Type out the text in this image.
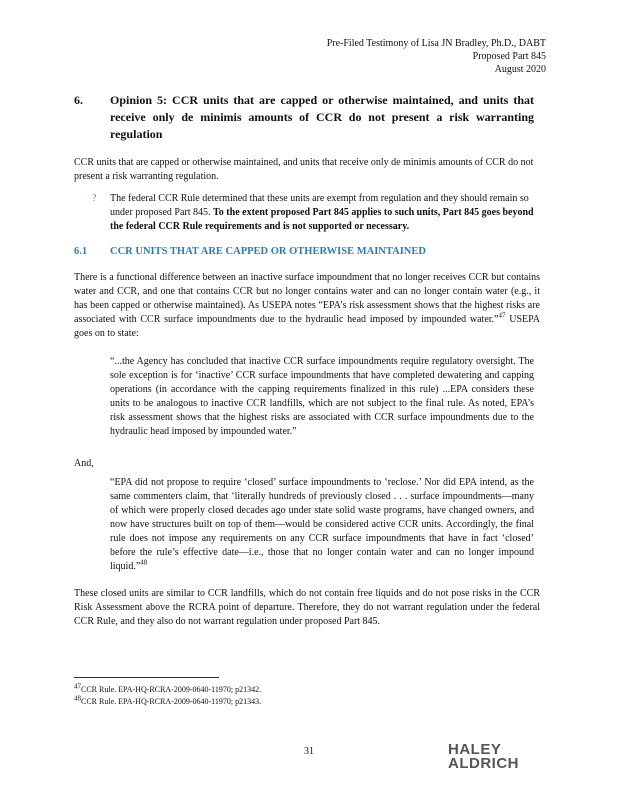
Pre-Filed Testimony of Lisa JN Bradley, Ph.D., DABT
Proposed Part 845
August 2020
6. Opinion 5: CCR units that are capped or otherwise maintained, and units that receive only de minimis amounts of CCR do not present a risk warranting regulation
CCR units that are capped or otherwise maintained, and units that receive only de minimis amounts of CCR do not present a risk warranting regulation.
? The federal CCR Rule determined that these units are exempt from regulation and they should remain so under proposed Part 845. To the extent proposed Part 845 applies to such units, Part 845 goes beyond the federal CCR Rule requirements and is not supported or necessary.
6.1 CCR UNITS THAT ARE CAPPED OR OTHERWISE MAINTAINED
There is a functional difference between an inactive surface impoundment that no longer receives CCR but contains water and CCR, and one that contains CCR but no longer contains water and can no longer contain water (e.g., it has been capped or otherwise maintained). As USEPA notes “EPA’s risk assessment shows that the highest risks are associated with CCR surface impoundments due to the hydraulic head imposed by impounded water.”$^{47}$ USEPA goes on to state:
“...the Agency has concluded that inactive CCR surface impoundments require regulatory oversight. The sole exception is for ‘inactive’ CCR surface impoundments that have completed dewatering and capping operations (in accordance with the capping requirements finalized in this rule) ...EPA considers these units to be analogous to inactive CCR landfills, which are not subject to the final rule. As noted, EPA’s risk assessment shows that the highest risks are associated with CCR surface impoundments due to the hydraulic head imposed by impounded water.”
And,
“EPA did not propose to require ‘closed’ surface impoundments to ‘reclose.’ Nor did EPA intend, as the same commenters claim, that ‘literally hundreds of previously closed . . . surface impoundments—many of which were properly closed decades ago under state solid waste programs, have changed owners, and now have structures built on top of them—would be considered active CCR units. Accordingly, the final rule does not impose any requirements on any CCR surface impoundments that have in fact ‘closed’ before the rule’s effective date—i.e., those that no longer contain water and can no longer impound liquid.”$^{48}$
These closed units are similar to CCR landfills, which do not contain free liquids and do not pose risks in the CCR Risk Assessment above the RCRA point of departure. Therefore, they do not warrant regulation under the federal CCR Rule, and they also do not warrant regulation under proposed Part 845.
$^{47}$CCR Rule. EPA-HQ-RCRA-2009-0640-11970; p21342.
$^{48}$CCR Rule. EPA-HQ-RCRA-2009-0640-11970; p21343.
31	HALEY
ALDRICH
